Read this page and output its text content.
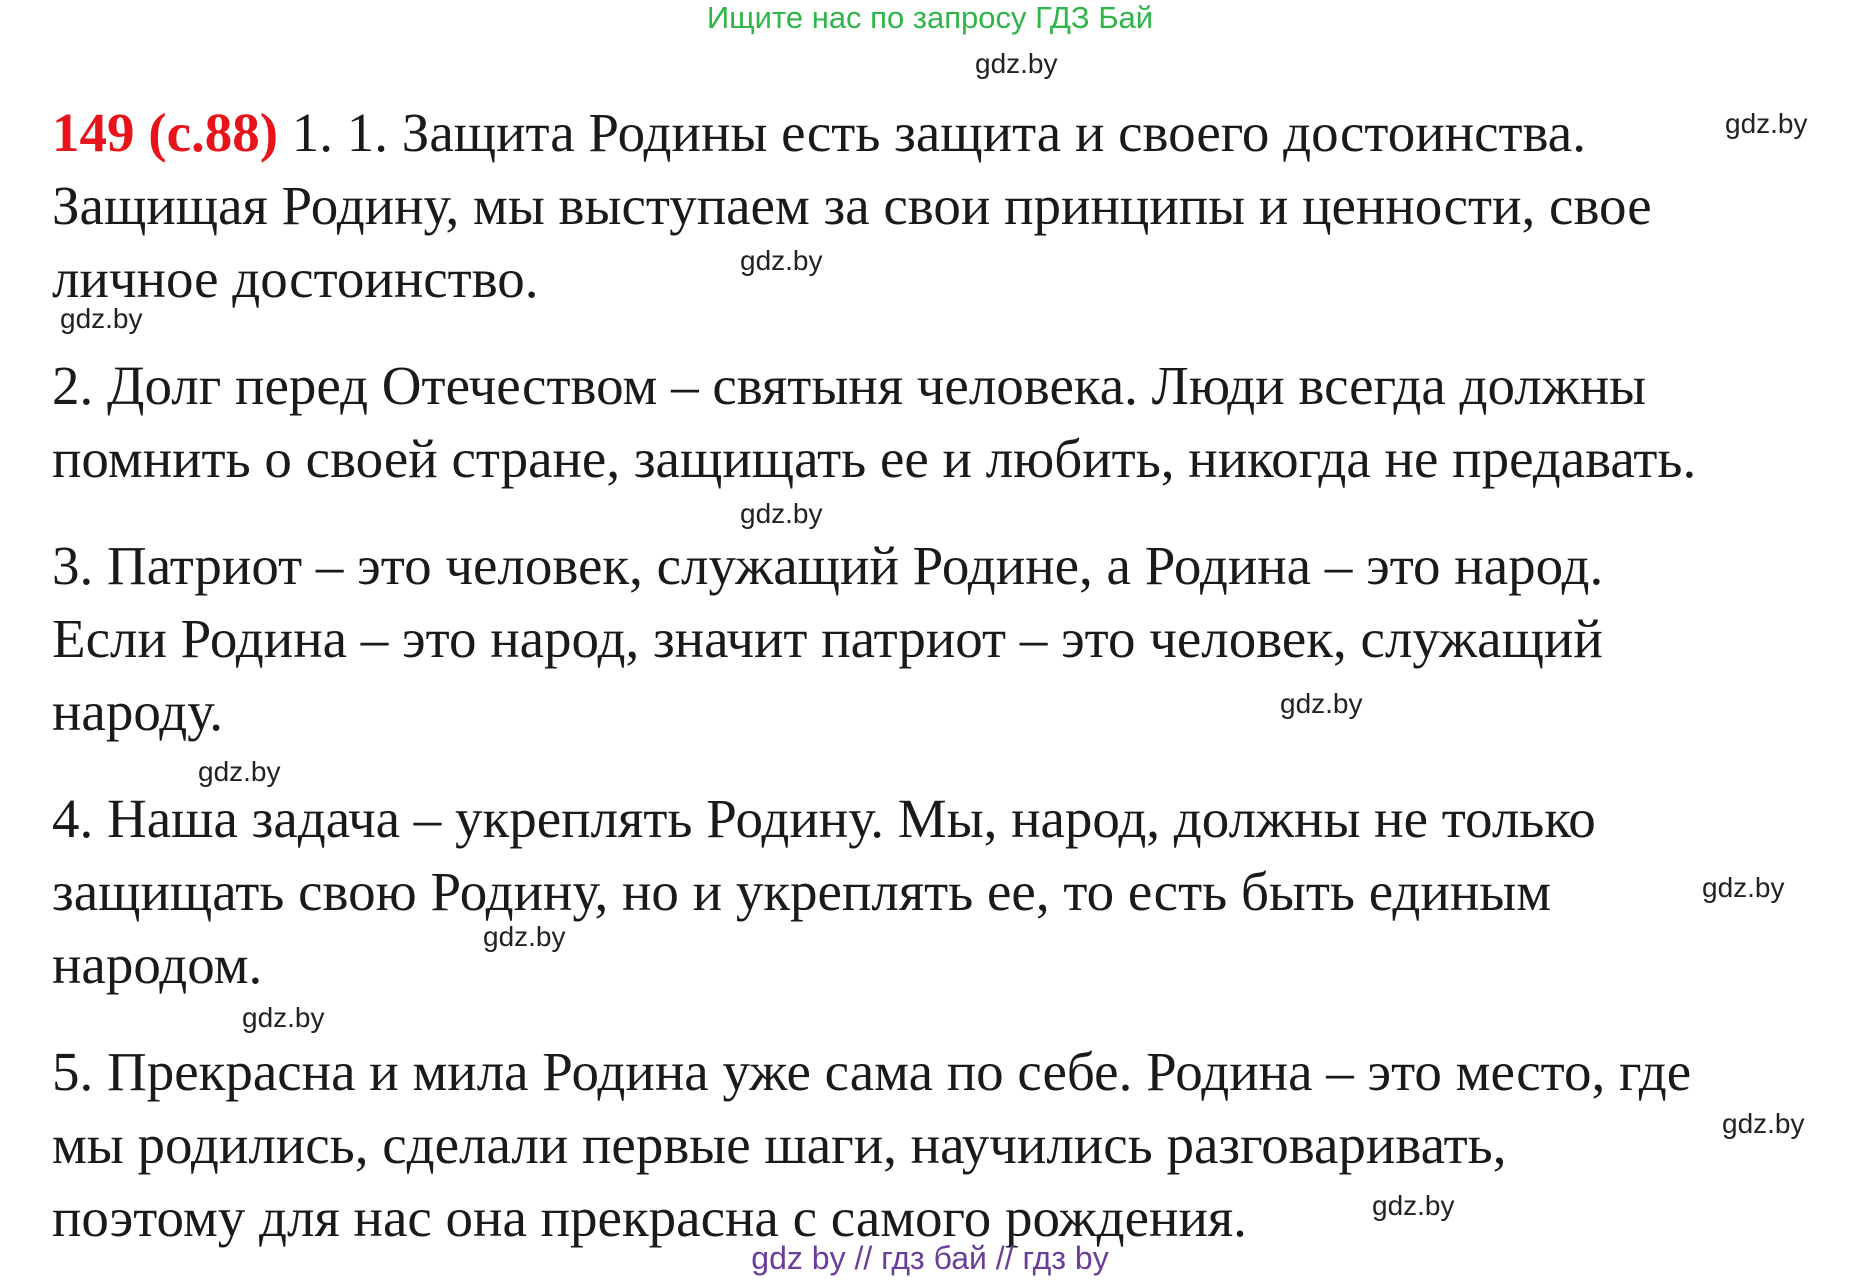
Ищите нас по запросу ГДЗ Бай
149 (с.88) 1. 1. Защита Родины есть защита и своего достоинства.
Защищая Родину, мы выступаем за свои принципы и ценности, свое
личное достоинство.
2. Долг перед Отечеством – святыня человека. Люди всегда должны
помнить о своей стране, защищать ее и любить, никогда не предавать.
3. Патриот – это человек, служащий Родине, а Родина – это народ.
Если Родина – это народ, значит патриот – это человек, служащий
народу.
4. Наша задача – укреплять Родину. Мы, народ, должны не только
защищать свою Родину, но и укреплять ее, то есть быть единым
народом.
5. Прекрасна и мила Родина уже сама по себе. Родина – это место, где
мы родились, сделали первые шаги, научились разговаривать,
поэтому для нас она прекрасна с самого рождения.
gdz.by
gdz.by
gdz.by
gdz.by
gdz.by
gdz.by
gdz.by
gdz.by
gdz.by
gdz.by
gdz.by
gdz.by
gdz by // гдз бай // гдз by
